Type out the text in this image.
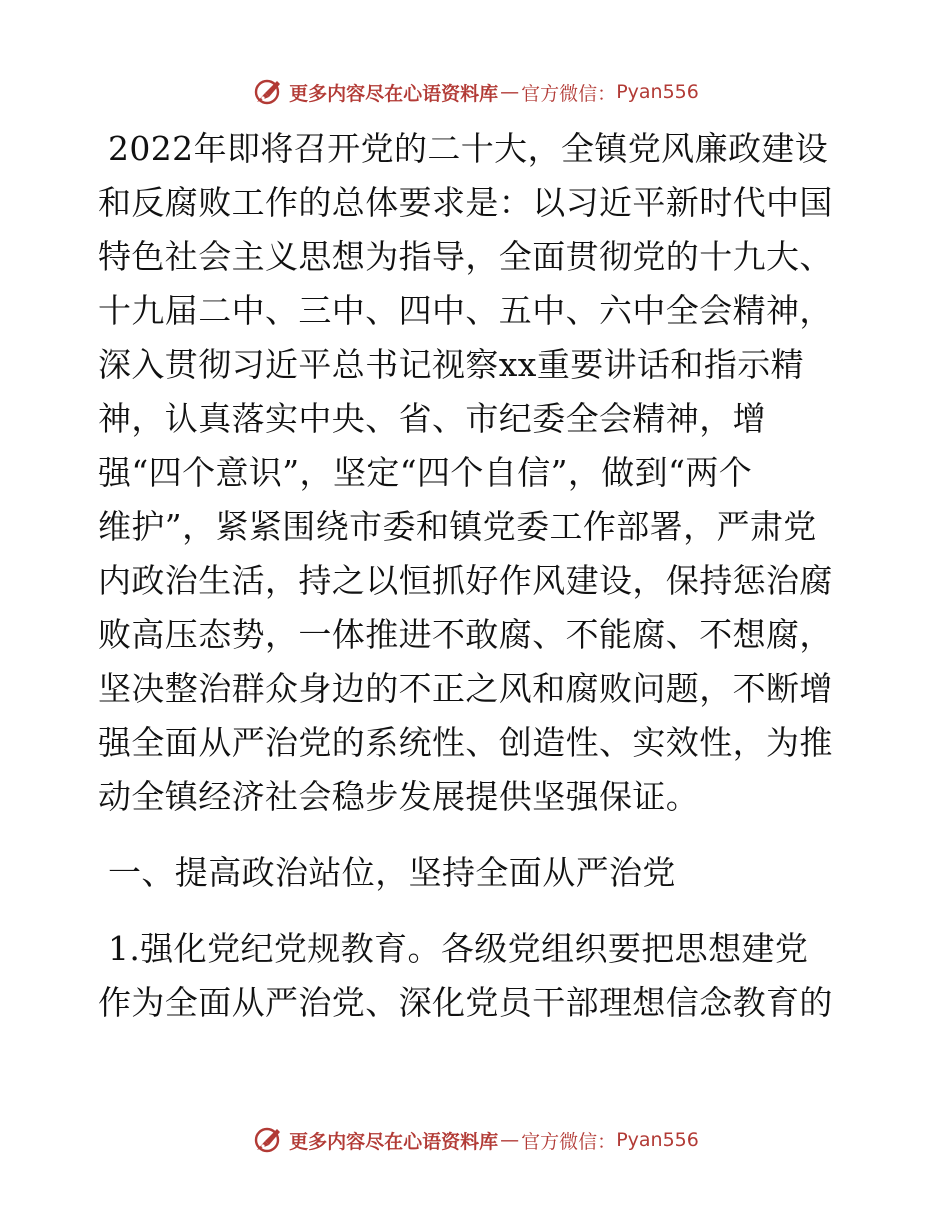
更多内容尽在心语资料库 — 官方微信： Pyan556
2022年即将召开党的二十大，全镇党风廉政建设
和反腐败工作的总体要求是：以习近平新时代中国
特色社会主义思想为指导，全面贯彻党的十九大、
十九届二中、三中、四中、五中、六中全会精神，
深入贯彻习近平总书记视察xx重要讲话和指示精
神，认真落实中央、省、市纪委全会精神，增
强“四个意识”，坚定“四个自信”，做到“两个
维护”，紧紧围绕市委和镇党委工作部署，严肃党
内政治生活，持之以恒抓好作风建设，保持惩治腐
败高压态势，一体推进不敢腐、不能腐、不想腐，
坚决整治群众身边的不正之风和腐败问题，不断增
强全面从严治党的系统性、创造性、实效性，为推
动全镇经济社会稳步发展提供坚强保证。
一、提高政治站位，坚持全面从严治党
1.强化党纪党规教育。各级党组织要把思想建党
作为全面从严治党、深化党员干部理想信念教育的
更多内容尽在心语资料库 — 官方微信： Pyan556
